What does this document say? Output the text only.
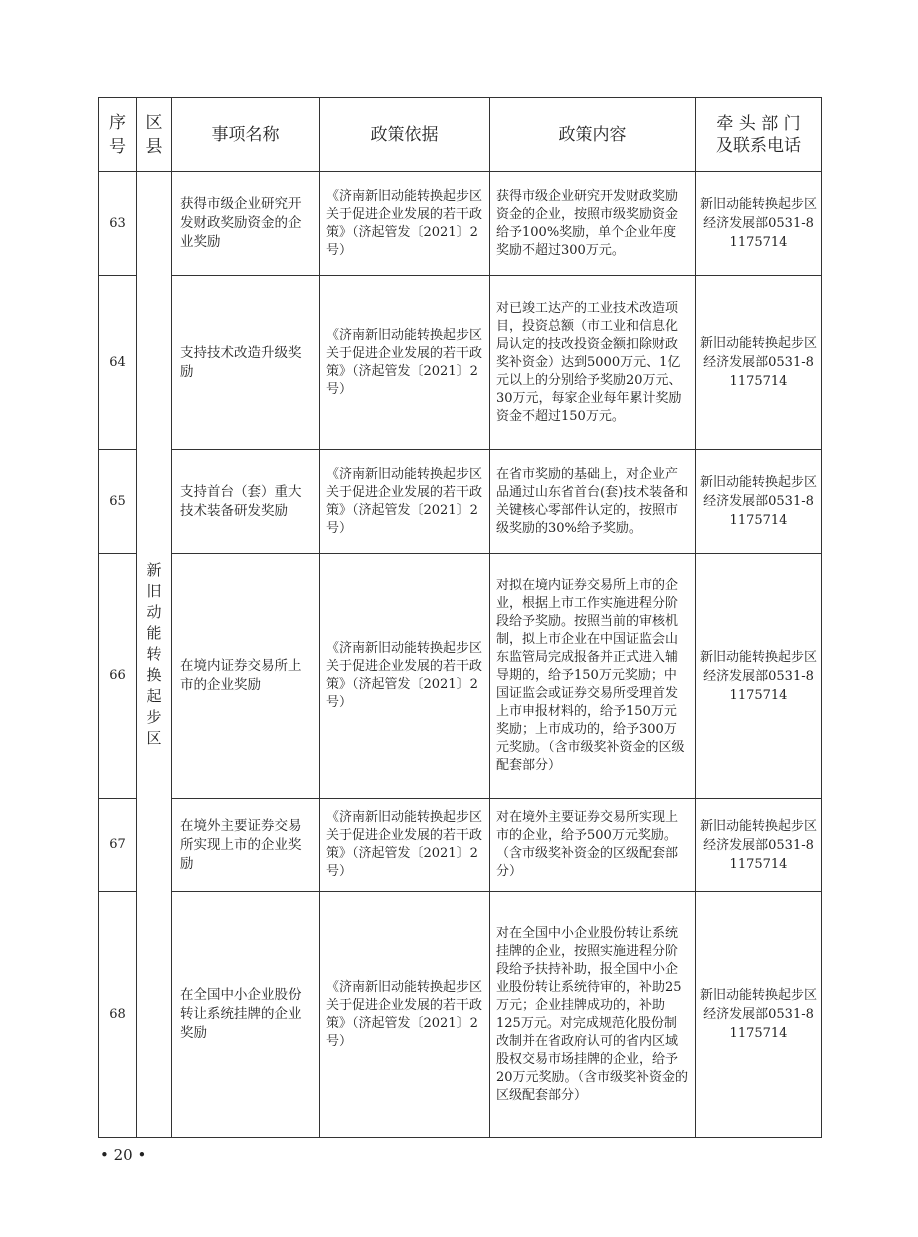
序号	区县	事项名称	政策依据	政策内容	牵 头 部 门 及联系电话

63	新旧动能转换起步区	获得市级企业研究开发财政奖励资金的企业奖励	《济南新旧动能转换起步区关于促进企业发展的若干政策》（济起管发〔2021〕2号）	获得市级企业研究开发财政奖励资金的企业，按照市级奖励资金给予100%奖励，单个企业年度奖励不超过300万元。	新旧动能转换起步区经济发展部0531-81175714
64		支持技术改造升级奖励	《济南新旧动能转换起步区关于促进企业发展的若干政策》（济起管发〔2021〕2号）	对已竣工达产的工业技术改造项目，投资总额（市工业和信息化局认定的技改投资金额扣除财政奖补资金）达到5000万元、1亿元以上的分别给予奖励20万元、30万元，每家企业每年累计奖励资金不超过150万元。	新旧动能转换起步区经济发展部0531-81175714
65		支持首台（套）重大技术装备研发奖励	《济南新旧动能转换起步区关于促进企业发展的若干政策》（济起管发〔2021〕2号）	在省市奖励的基础上，对企业产品通过山东省首台(套)技术装备和关键核心零部件认定的，按照市级奖励的30%给予奖励。	新旧动能转换起步区经济发展部0531-81175714
66		在境内证券交易所上市的企业奖励	《济南新旧动能转换起步区关于促进企业发展的若干政策》（济起管发〔2021〕2号）	对拟在境内证券交易所上市的企业，根据上市工作实施进程分阶段给予奖励。按照当前的审核机制，拟上市企业在中国证监会山东监管局完成报备并正式进入辅导期的，给予150万元奖励；中国证监会或证券交易所受理首发上市申报材料的，给予150万元奖励；上市成功的，给予300万元奖励。（含市级奖补资金的区级配套部分）	新旧动能转换起步区经济发展部0531-81175714
67		在境外主要证券交易所实现上市的企业奖励	《济南新旧动能转换起步区关于促进企业发展的若干政策》（济起管发〔2021〕2号）	对在境外主要证券交易所实现上市的企业，给予500万元奖励。（含市级奖补资金的区级配套部分）	新旧动能转换起步区经济发展部0531-81175714
68		在全国中小企业股份转让系统挂牌的企业奖励	《济南新旧动能转换起步区关于促进企业发展的若干政策》（济起管发〔2021〕2号）	对在全国中小企业股份转让系统挂牌的企业，按照实施进程分阶段给予扶持补助，报全国中小企业股份转让系统待审的，补助25万元；企业挂牌成功的，补助125万元。对完成规范化股份制改制并在省政府认可的省内区域股权交易市场挂牌的企业，给予20万元奖励。（含市级奖补资金的区级配套部分）	新旧动能转换起步区经济发展部0531-81175714
• 20 •
